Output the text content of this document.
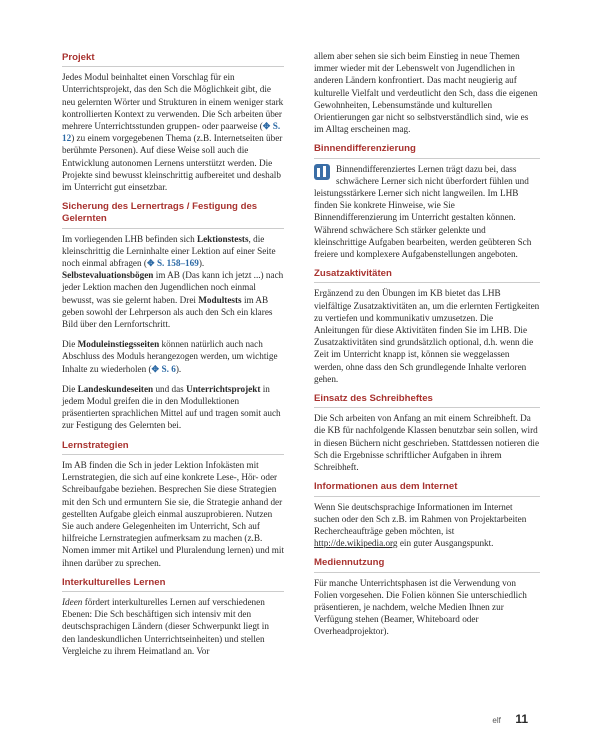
Projekt

Jedes Modul beinhaltet einen Vorschlag für ein Unterrichtsprojekt, das den Sch die Möglichkeit gibt, die neu gelernten Wörter und Strukturen in einem weniger stark kontrollierten Kontext zu verwenden. Die Sch arbeiten über mehrere Unterrichtsstunden gruppen- oder paarweise (✥ S. 12) zu einem vorgegebenen Thema (z.B. Internetseiten über berühmte Personen). Auf diese Weise soll auch die Entwicklung autonomen Lernens unterstützt werden. Die Projekte sind bewusst kleinschrittig aufbereitet und deshalb im Unterricht gut einsetzbar.

Sicherung des Lernertrags / Festigung des Gelernten

Im vorliegenden LHB befinden sich Lektionstests, die kleinschrittig die Lerninhalte einer Lektion auf einer Seite noch einmal abfragen (✥ S. 158–169). Selbstevaluationsbögen im AB (Das kann ich jetzt ...) nach jeder Lektion machen den Jugendlichen noch einmal bewusst, was sie gelernt haben. Drei Modultests im AB geben sowohl der Lehrperson als auch den Sch ein klares Bild über den Lernfortschritt.

Die Moduleinstiegsseiten können natürlich auch nach Abschluss des Moduls herangezogen werden, um wichtige Inhalte zu wiederholen (✥ S. 6).

Die Landeskundeseiten und das Unterrichtsprojekt in jedem Modul greifen die in den Modullektionen präsentierten sprachlichen Mittel auf und tragen somit auch zur Festigung des Gelernten bei.

Lernstrategien

Im AB finden die Sch in jeder Lektion Infokästen mit Lernstrategien, die sich auf eine konkrete Lese-, Hör- oder Schreibaufgabe beziehen. Besprechen Sie diese Strategien mit den Sch und ermuntern Sie sie, die Strategie anhand der gestellten Aufgabe gleich einmal auszuprobieren. Nutzen Sie auch andere Gelegenheiten im Unterricht, Sch auf hilfreiche Lernstrategien aufmerksam zu machen (z.B. Nomen immer mit Artikel und Pluralendung lernen) und mit ihnen darüber zu sprechen.

Interkulturelles Lernen

Ideen fördert interkulturelles Lernen auf verschiedenen Ebenen: Die Sch beschäftigen sich intensiv mit den deutschsprachigen Ländern (dieser Schwerpunkt liegt in den landeskundlichen Unterrichtseinheiten) und stellen Vergleiche zu ihrem Heimatland an. Vor

allem aber sehen sie sich beim Einstieg in neue Themen immer wieder mit der Lebenswelt von Jugendlichen in anderen Ländern konfrontiert. Das macht neugierig auf kulturelle Vielfalt und verdeutlicht den Sch, dass die eigenen Gewohnheiten, Lebensumstände und kulturellen Orientierungen gar nicht so selbstverständlich sind, wie es im Alltag erscheinen mag.

Binnendifferenzierung

Binnendifferenziertes Lernen trägt dazu bei, dass schwächere Lerner sich nicht überfordert fühlen und leistungsstärkere Lerner sich nicht langweilen. Im LHB finden Sie konkrete Hinweise, wie Sie Binnendifferenzierung im Unterricht gestalten können. Während schwächere Sch stärker gelenkte und kleinschrittige Aufgaben bearbeiten, werden geübteren Sch freiere und komplexere Aufgabenstellungen angeboten.

Zusatzaktivitäten

Ergänzend zu den Übungen im KB bietet das LHB vielfältige Zusatzaktivitäten an, um die erlernten Fertigkeiten zu vertiefen und kommunikativ umzusetzen. Die Anleitungen für diese Aktivitäten finden Sie im LHB. Die Zusatzaktivitäten sind grundsätzlich optional, d.h. wenn die Zeit im Unterricht knapp ist, können sie weggelassen werden, ohne dass den Sch grundlegende Inhalte verloren gehen.

Einsatz des Schreibheftes

Die Sch arbeiten von Anfang an mit einem Schreibheft. Da die KB für nachfolgende Klassen benutzbar sein sollen, wird in diesen Büchern nicht geschrieben. Stattdessen notieren die Sch die Ergebnisse schriftlicher Aufgaben in ihrem Schreibheft.

Informationen aus dem Internet

Wenn Sie deutschsprachige Informationen im Internet suchen oder den Sch z.B. im Rahmen von Projektarbeiten Rechercheaufträge geben möchten, ist http://de.wikipedia.org ein guter Ausgangspunkt.

Mediennutzung

Für manche Unterrichtsphasen ist die Verwendung von Folien vorgesehen. Die Folien können Sie unterschiedlich präsentieren, je nachdem, welche Medien Ihnen zur Verfügung stehen (Beamer, Whiteboard oder Overheadprojektor).

elf 11
